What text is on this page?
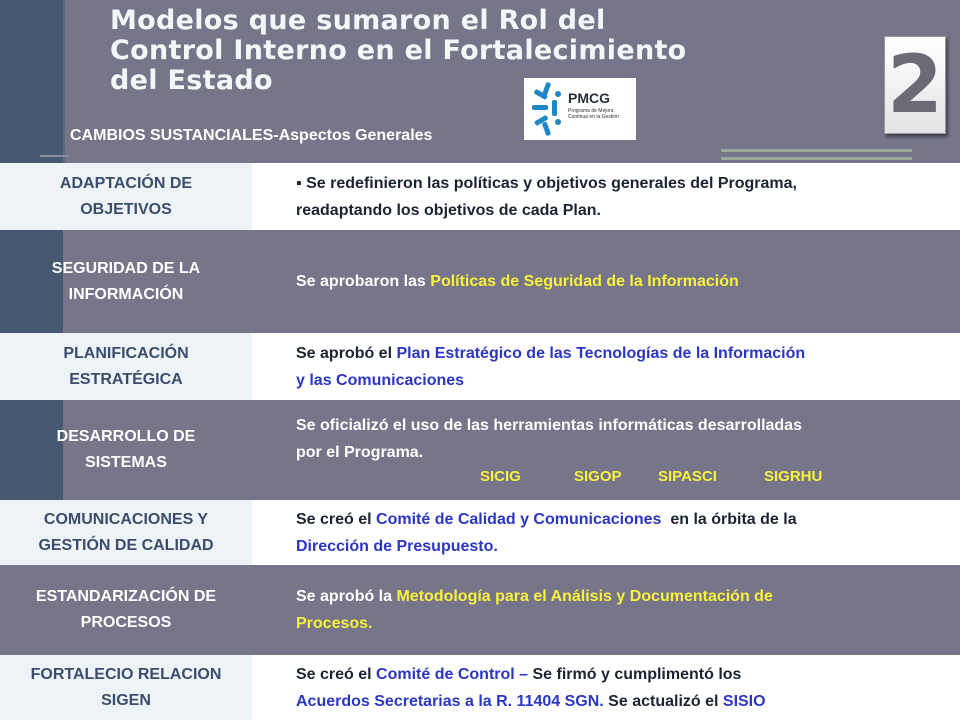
Modelos que sumaron el Rol del
Control Interno en el Fortalecimiento
del Estado
PMCG
Programa de Mejora Continua en la Gestión	2
CAMBIOS SUSTANCIALES-Aspectos Generales
ADAPTACIÓN DE
OBJETIVOS
▪ Se redefinieron las políticas y objetivos generales del Programa,
readaptando los objetivos de cada Plan.
SEGURIDAD DE LA
INFORMACIÓN
Se aprobaron las Políticas de Seguridad de la Información
PLANIFICACIÓN
ESTRATÉGICA
Se aprobó el Plan Estratégico de las Tecnologías de la Información
y las Comunicaciones
DESARROLLO DE
SISTEMAS
Se oficializó el uso de las herramientas informáticas desarrolladas
por el Programa.
SICIG	SIGOP	SIPASCI	SIGRHU
COMUNICACIONES Y
GESTIÓN DE CALIDAD
Se creó el Comité de Calidad y Comunicaciones  en la órbita de la
Dirección de Presupuesto.
ESTANDARIZACIÓN DE
PROCESOS
Se aprobó la Metodología para el Análisis y Documentación de
Procesos.
FORTALECIO RELACION
SIGEN
Se creó el Comité de Control – Se firmó y cumplimentó los
Acuerdos Secretarias a la R. 11404 SGN. Se actualizó el SISIO
